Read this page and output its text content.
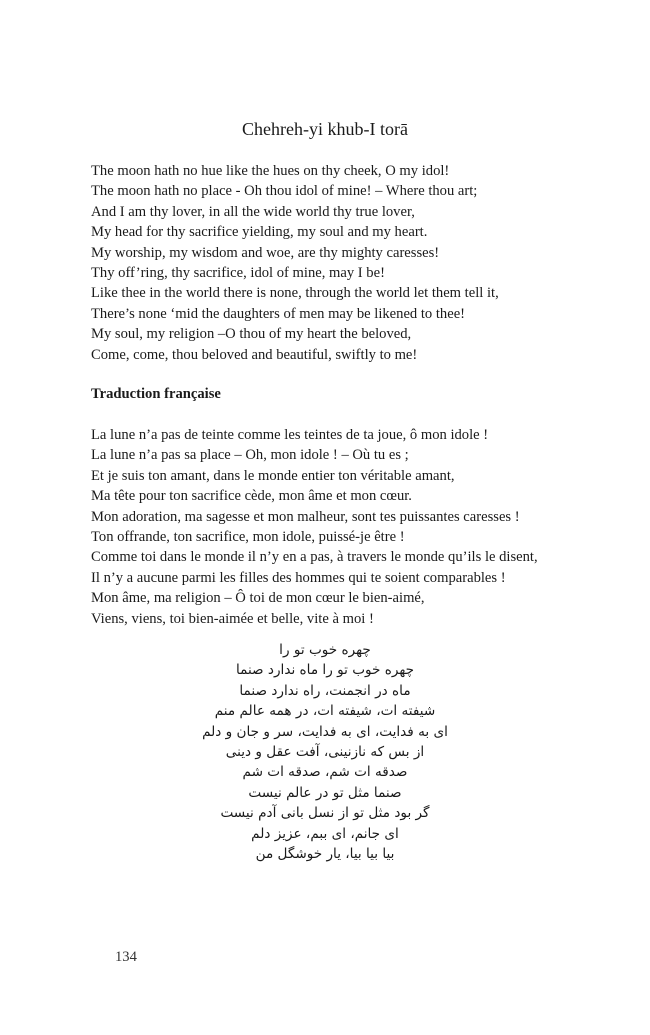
Chehreh-yi khub-I torā
The moon hath no hue like the hues on thy cheek, O my idol!
The moon hath no place - Oh thou idol of mine! – Where thou art;
And I am thy lover, in all the wide world thy true lover,
My head for thy sacrifice yielding, my soul and my heart.
My worship, my wisdom and woe, are thy mighty caresses!
Thy off’ring, thy sacrifice, idol of mine, may I be!
Like thee in the world there is none, through the world let them tell it,
There’s none ‘mid the daughters of men may be likened to thee!
My soul, my religion –O thou of my heart the beloved,
Come, come, thou beloved and beautiful, swiftly to me!
Traduction française
La lune n’a pas de teinte comme les teintes de ta joue, ô mon idole !
La lune n’a pas sa place – Oh, mon idole ! – Où tu es ;
Et je suis ton amant, dans le monde entier ton véritable amant,
Ma tête pour ton sacrifice cède, mon âme et mon cœur.
Mon adoration, ma sagesse et mon malheur, sont tes puissantes caresses !
Ton offrande, ton sacrifice, mon idole, puissé-je être !
Comme toi dans le monde il n’y en a pas, à travers le monde qu’ils le disent,
Il n’y a aucune parmi les filles des hommes qui te soient comparables !
Mon âme, ma religion – Ô toi de mon cœur le bien-aimé,
Viens, viens, toi bien-aimée et belle, vite à moi !
چهره خوب تو را
چهره خوب تو را ماه ندارد صنما
ماه در انجمنت، راه ندارد صنما
شیفته ات، شیفته ات، در همه عالم منم
ای به فدایت، ای به فدایت، سر و جان و دلم
از بس که نازنینی، آفت عقل و دینی
صدقه ات شم، صدقه ات شم
صنما مثل تو در عالم نیست
گر بود مثل تو از نسل بانی آدم نیست
ای جانم، ای ببم، عزیز دلم
بیا بیا بیا، یار خوشگل من
134
